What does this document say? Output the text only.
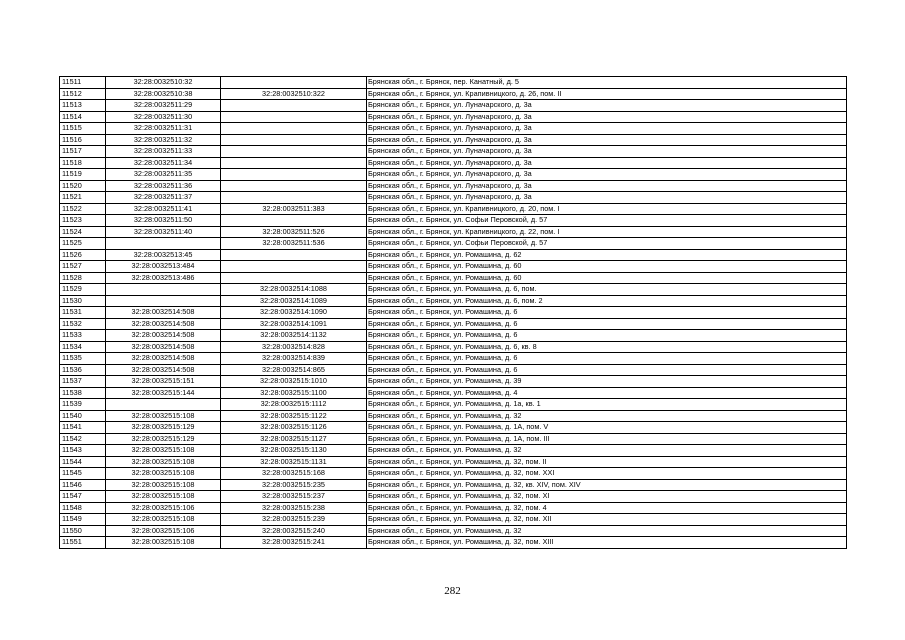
11511	32:28:0032510:32		Брянская обл., г. Брянск, пер. Канатный, д. 5
11512	32:28:0032510:38	32:28:0032510:322	Брянская обл., г. Брянск, ул. Крапивницкого, д. 26, пом. II
11513	32:28:0032511:29		Брянская обл., г. Брянск, ул. Луначарского, д. 3а
11514	32:28:0032511:30		Брянская обл., г. Брянск, ул. Луначарского, д. 3а
11515	32:28:0032511:31		Брянская обл., г. Брянск, ул. Луначарского, д. 3а
11516	32:28:0032511:32		Брянская обл., г. Брянск, ул. Луначарского, д. 3а
11517	32:28:0032511:33		Брянская обл., г. Брянск, ул. Луначарского, д. 3а
11518	32:28:0032511:34		Брянская обл., г. Брянск, ул. Луначарского, д. 3а
11519	32:28:0032511:35		Брянская обл., г. Брянск, ул. Луначарского, д. 3а
11520	32:28:0032511:36		Брянская обл., г. Брянск, ул. Луначарского, д. 3а
11521	32:28:0032511:37		Брянская обл., г. Брянск, ул. Луначарского, д. 3а
11522	32:28:0032511:41	32:28:0032511:383	Брянская обл., г. Брянск, ул. Крапивницкого, д. 20, пом. I
11523	32:28:0032511:50		Брянская обл., г. Брянск, ул. Софьи Перовской, д. 57
11524	32:28:0032511:40	32:28:0032511:526	Брянская обл., г. Брянск, ул. Крапивницкого, д. 22, пом. I
11525		32:28:0032511:536	Брянская обл., г. Брянск, ул. Софьи Перовской, д. 57
11526	32:28:0032513:45		Брянская обл., г. Брянск, ул. Ромашина, д. 62
11527	32:28:0032513:484		Брянская обл., г. Брянск, ул. Ромашина, д. 60
11528	32:28:0032513:486		Брянская обл., г. Брянск, ул. Ромашина, д. 60
11529		32:28:0032514:1088	Брянская обл., г. Брянск, ул. Ромашина, д. 6, пом.
11530		32:28:0032514:1089	Брянская обл., г. Брянск, ул. Ромашина, д. 6, пом. 2
11531	32:28:0032514:508	32:28:0032514:1090	Брянская обл., г. Брянск, ул. Ромашина, д. 6
11532	32:28:0032514:508	32:28:0032514:1091	Брянская обл., г. Брянск, ул. Ромашина, д. 6
11533	32:28:0032514:508	32:28:0032514:1132	Брянская обл., г. Брянск, ул. Ромашина, д. 6
11534	32:28:0032514:508	32:28:0032514:828	Брянская обл., г. Брянск, ул. Ромашина, д. 6, кв. 8
11535	32:28:0032514:508	32:28:0032514:839	Брянская обл., г. Брянск, ул. Ромашина, д. 6
11536	32:28:0032514:508	32:28:0032514:865	Брянская обл., г. Брянск, ул. Ромашина, д. 6
11537	32:28:0032515:151	32:28:0032515:1010	Брянская обл., г. Брянск, ул. Ромашина, д. 39
11538	32:28:0032515:144	32:28:0032515:1100	Брянская обл., г. Брянск, ул. Ромашина, д. 4
11539		32:28:0032515:1112	Брянская обл., г. Брянск, ул. Ромашина, д. 1а, кв. 1
11540	32:28:0032515:108	32:28:0032515:1122	Брянская обл., г. Брянск, ул. Ромашина, д. 32
11541	32:28:0032515:129	32:28:0032515:1126	Брянская обл., г. Брянск, ул. Ромашина, д. 1А, пом. V
11542	32:28:0032515:129	32:28:0032515:1127	Брянская обл., г. Брянск, ул. Ромашина, д. 1А, пом. III
11543	32:28:0032515:108	32:28:0032515:1130	Брянская обл., г. Брянск, ул. Ромашина, д. 32
11544	32:28:0032515:108	32:28:0032515:1131	Брянская обл., г. Брянск, ул. Ромашина, д. 32, пом. II
11545	32:28:0032515:108	32:28:0032515:168	Брянская обл., г. Брянск, ул. Ромашина, д. 32, пом. XXI
11546	32:28:0032515:108	32:28:0032515:235	Брянская обл., г. Брянск, ул. Ромашина, д. 32, кв. XIV, пом. XIV
11547	32:28:0032515:108	32:28:0032515:237	Брянская обл., г. Брянск, ул. Ромашина, д. 32, пом. XI
11548	32:28:0032515:106	32:28:0032515:238	Брянская обл., г. Брянск, ул. Ромашина, д. 32, пом. 4
11549	32:28:0032515:108	32:28:0032515:239	Брянская обл., г. Брянск, ул. Ромашина, д. 32, пом. XII
11550	32:28:0032515:106	32:28:0032515:240	Брянская обл., г. Брянск, ул. Ромашина, д. 32
11551	32:28:0032515:108	32:28:0032515:241	Брянская обл., г. Брянск, ул. Ромашина, д. 32, пом. XIII
282
